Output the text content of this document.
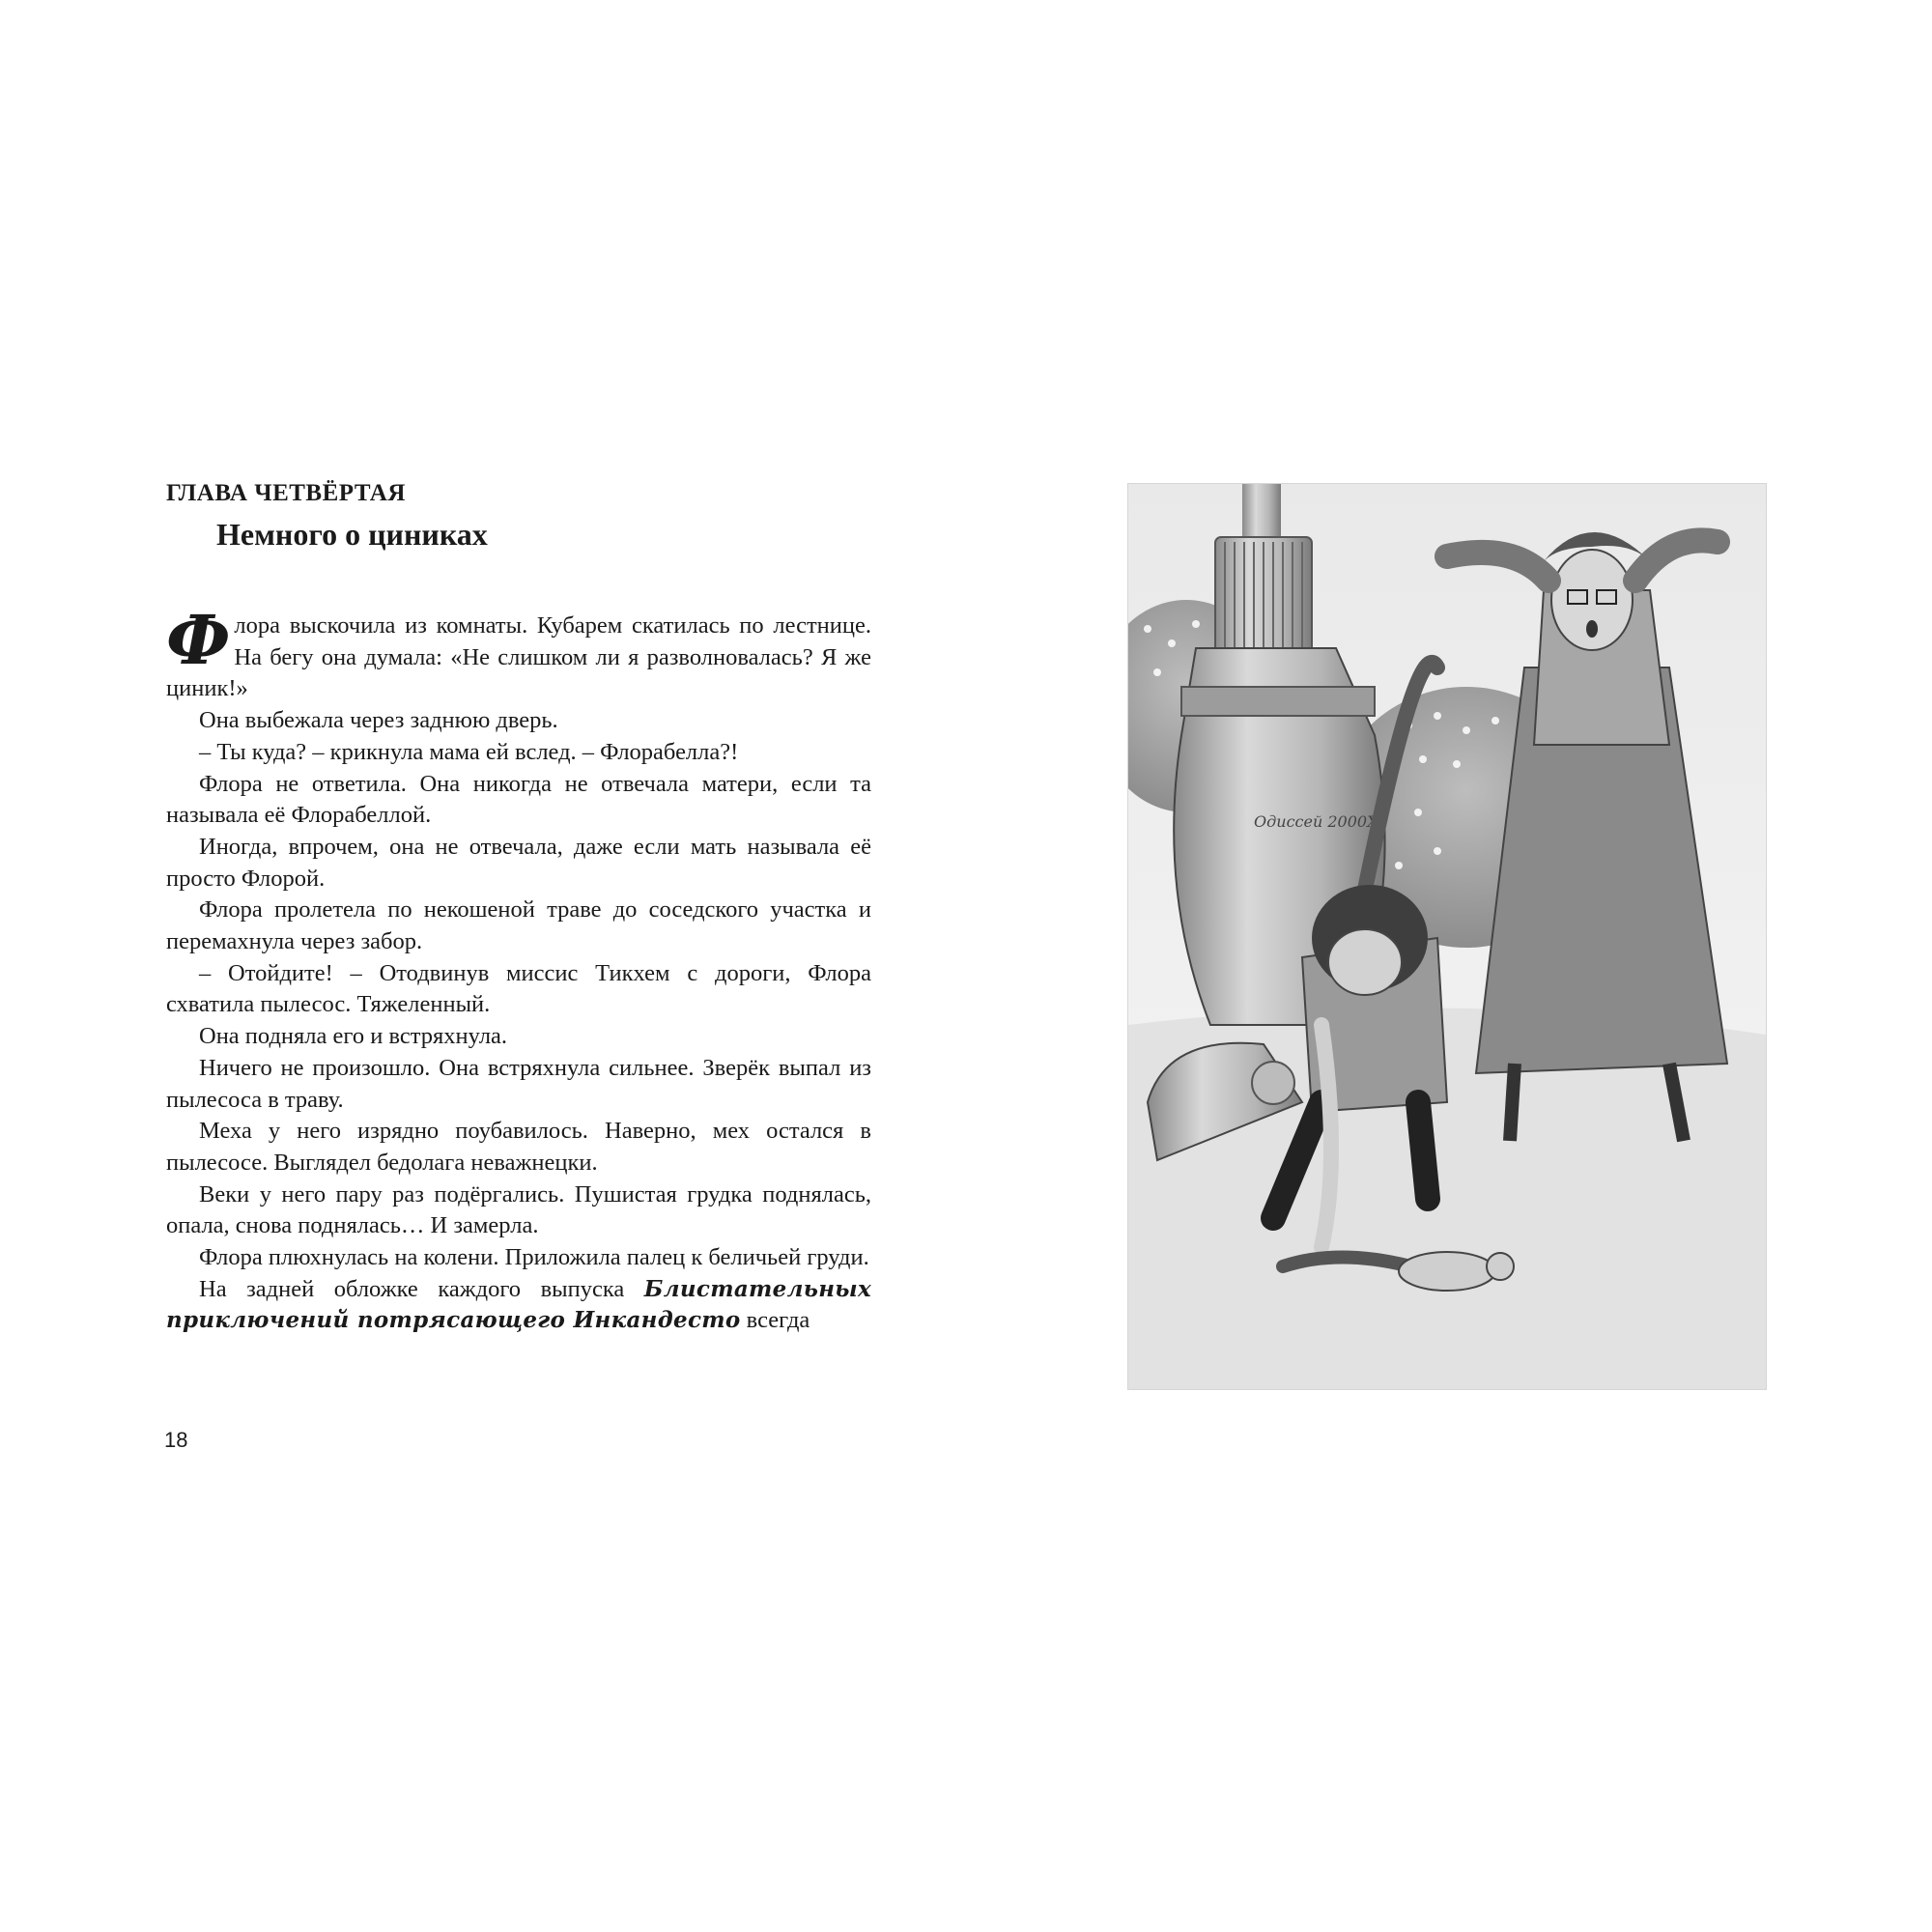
ГЛАВА ЧЕТВЁРТАЯ
Немного о циниках

Флора выскочила из комнаты. Кубарем скатилась по лестнице. На бегу она думала: «Не слишком ли я разволновалась? Я же циник!»

Она выбежала через заднюю дверь.

– Ты куда? – крикнула мама ей вслед. – Флорабелла?!

Флора не ответила. Она никогда не отвечала матери, если та называла её Флорабеллой.

Иногда, впрочем, она не отвечала, даже если мать называла её просто Флорой.

Флора пролетела по некошеной траве до соседского участка и перемахнула через забор.

– Отойдите! – Отодвинув миссис Тикхем с дороги, Флора схватила пылесос. Тяжеленный.

Она подняла его и встряхнула.

Ничего не произошло. Она встряхнула сильнее. Зверёк выпал из пылесоса в траву.

Меха у него изрядно поубавилось. Наверно, мех остался в пылесосе. Выглядел бедолага неважнецки.

Веки у него пару раз подёргались. Пушистая грудка поднялась, опала, снова поднялась… И замерла.

Флора плюхнулась на колени. Приложила палец к беличьей груди.

На задней обложке каждого выпуска Блистательных приключений потрясающего Инкандесто всегда

18
Одиссей 2000X
